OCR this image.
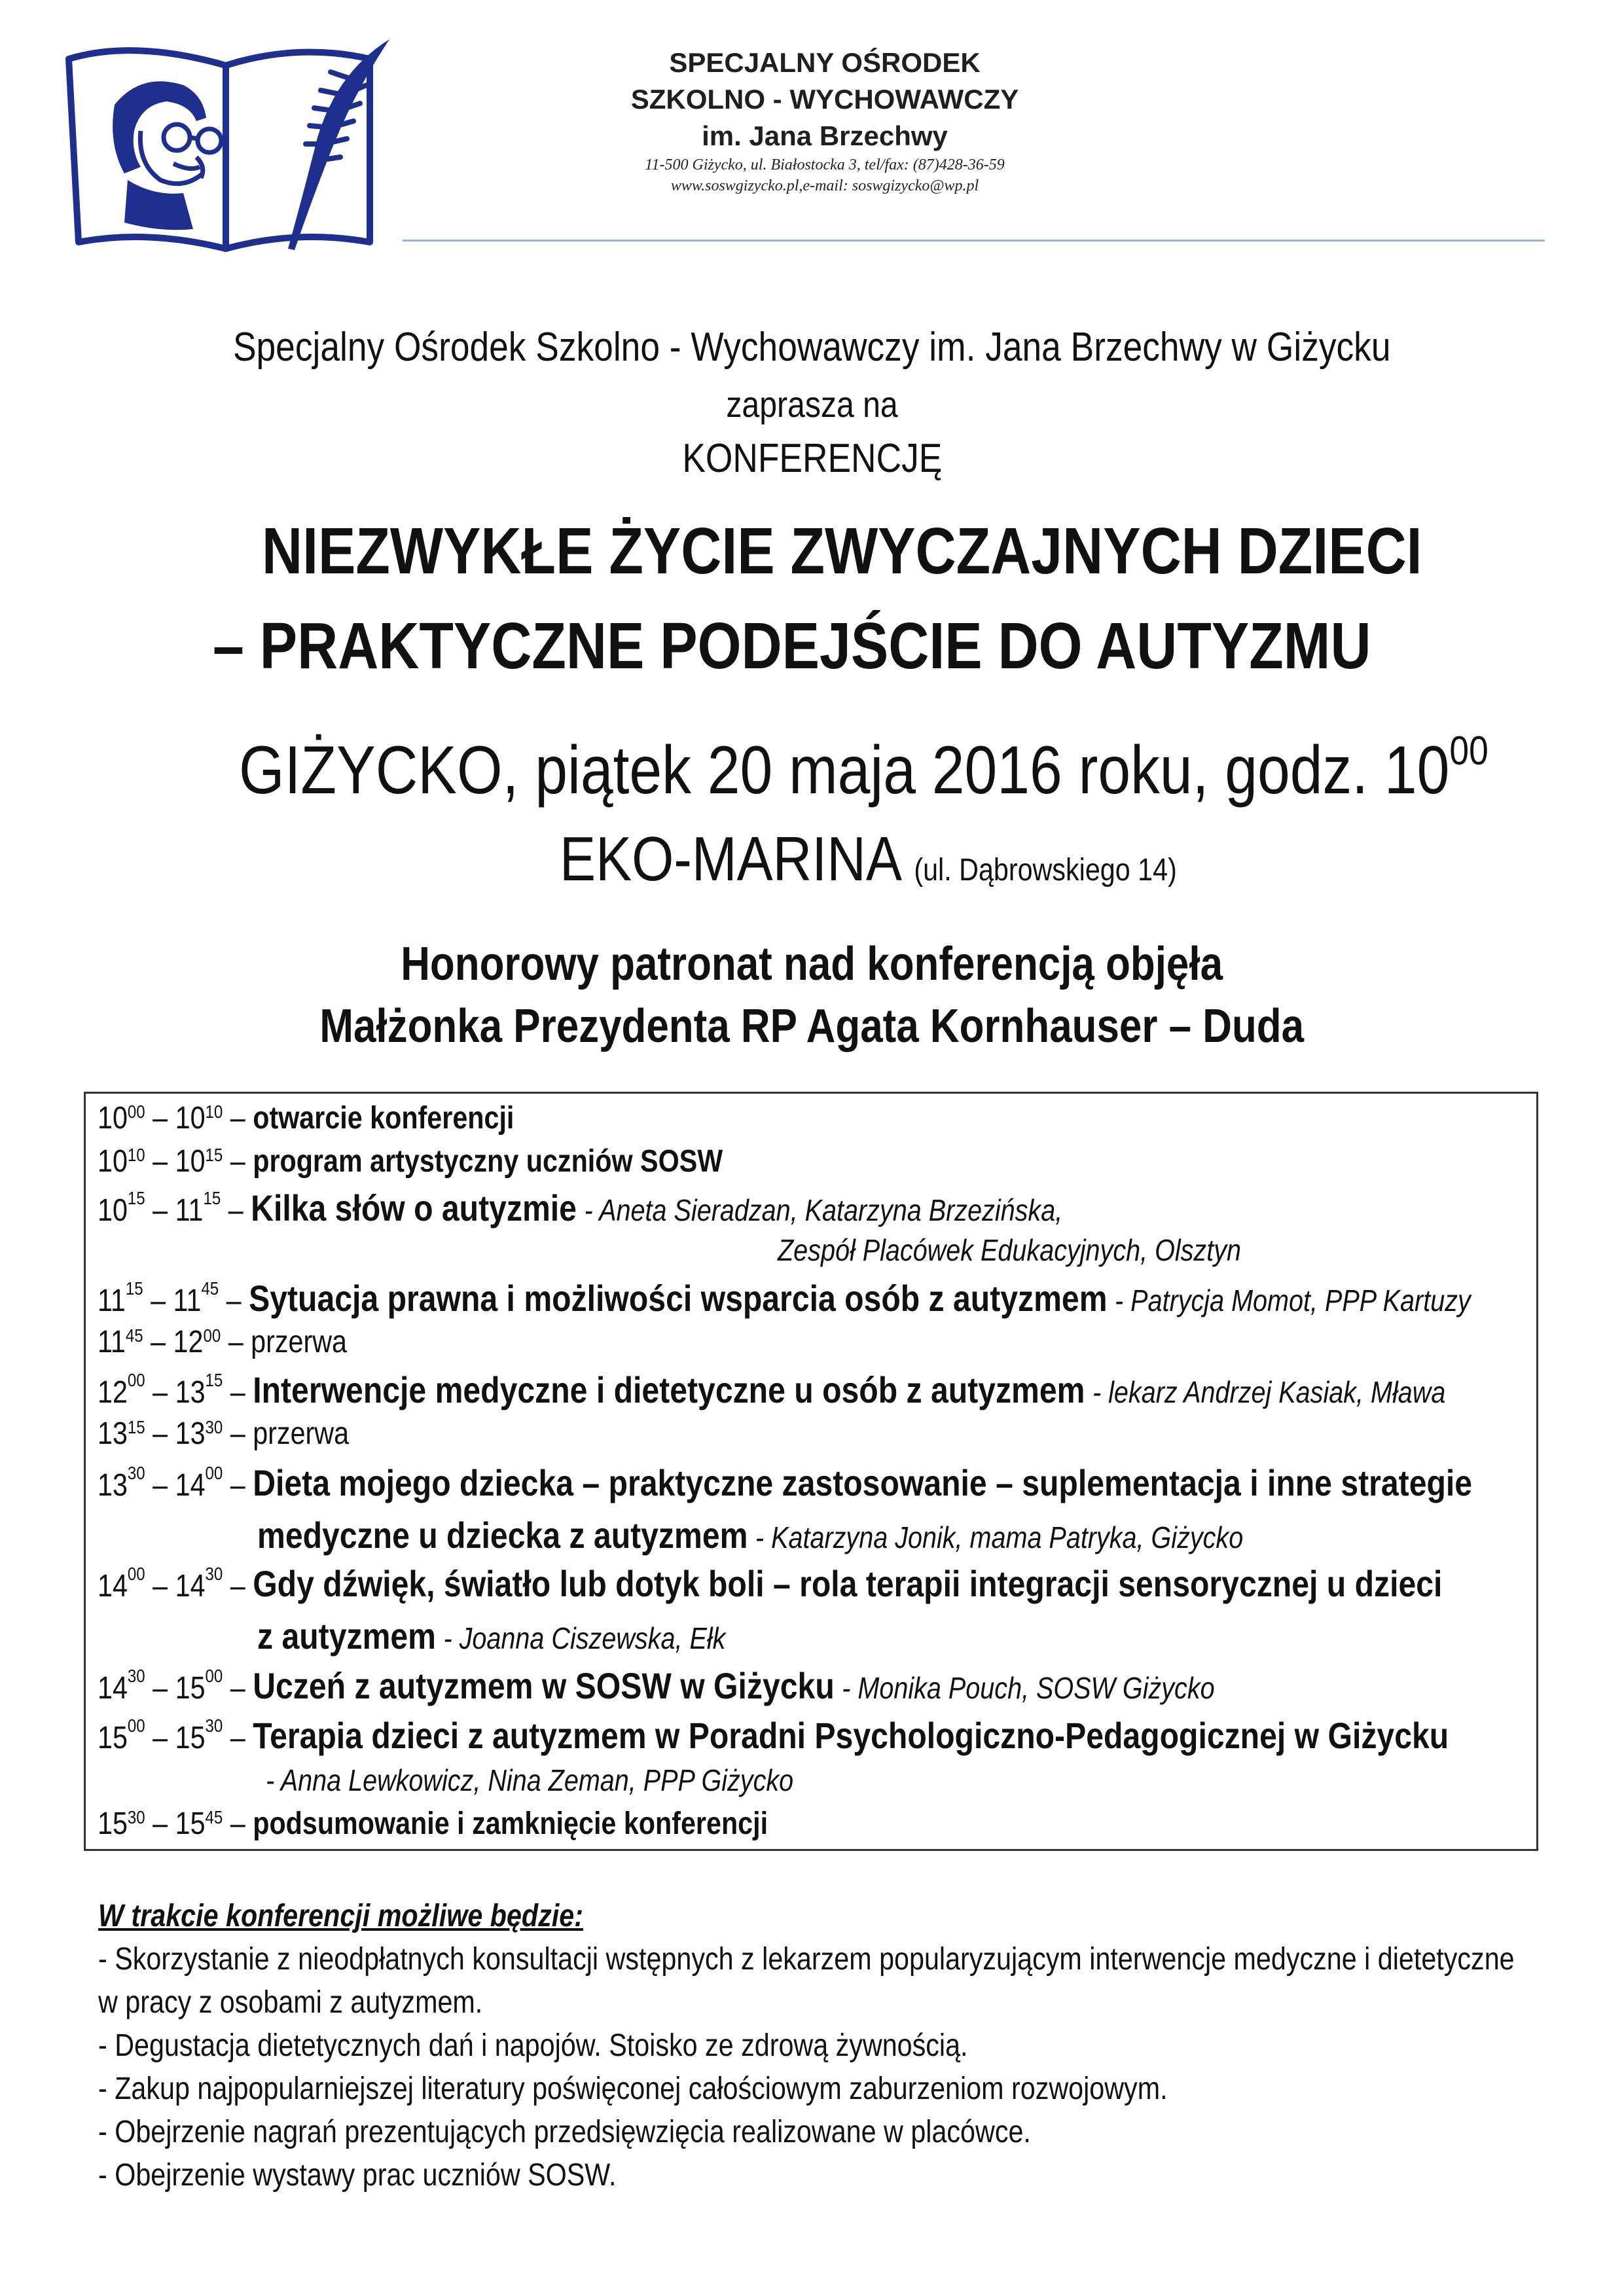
SPECJALNY OŚRODEK
SZKOLNO - WYCHOWAWCZY
im. Jana Brzechwy
11-500 Giżycko, ul. Białostocka 3, tel/fax: (87)428-36-59
www.soswgizycko.pl,e-mail: soswgizycko@wp.pl
Specjalny Ośrodek Szkolno - Wychowawczy im. Jana Brzechwy w Giżycku
zaprasza na
KONFERENCJĘ
NIEZWYKŁE ŻYCIE ZWYCZAJNYCH DZIECI
– PRAKTYCZNE PODEJŚCIE DO AUTYZMU
GIŻYCKO, piątek 20 maja 2016 roku, godz. $10^{00}$
EKO-MARINA (ul. Dąbrowskiego 14)
Honorowy patronat nad konferencją objęła
Małżonka Prezydenta RP Agata Kornhauser – Duda
$10^{00} - 10^{10}$ – otwarcie konferencji
$10^{10} - 10^{15}$ – program artystyczny uczniów SOSW
$10^{15} - 11^{15}$ – Kilka słów o autyzmie - Aneta Sieradzan, Katarzyna Brzezińska,
Zespół Placówek Edukacyjnych, Olsztyn
$11^{15} - 11^{45}$ – Sytuacja prawna i możliwości wsparcia osób z autyzmem - Patrycja Momot, PPP Kartuzy
$11^{45} - 12^{00}$ – przerwa
$12^{00} - 13^{15}$ – Interwencje medyczne i dietetyczne u osób z autyzmem - lekarz Andrzej Kasiak, Mława
$13^{15} - 13^{30}$ – przerwa
$13^{30} - 14^{00}$ – Dieta mojego dziecka – praktyczne zastosowanie – suplementacja i inne strategie
medyczne u dziecka z autyzmem - Katarzyna Jonik, mama Patryka, Giżycko
$14^{00} - 14^{30}$ – Gdy dźwięk, światło lub dotyk boli – rola terapii integracji sensorycznej u dzieci
z autyzmem - Joanna Ciszewska, Ełk
$14^{30} - 15^{00}$ – Uczeń z autyzmem w SOSW w Giżycku - Monika Pouch, SOSW Giżycko
$15^{00} - 15^{30}$ – Terapia dzieci z autyzmem w Poradni Psychologiczno-Pedagogicznej w Giżycku
- Anna Lewkowicz, Nina Zeman, PPP Giżycko
$15^{30} - 15^{45}$ – podsumowanie i zamknięcie konferencji
W trakcie konferencji możliwe będzie:
- Skorzystanie z nieodpłatnych konsultacji wstępnych z lekarzem popularyzującym interwencje medyczne i dietetyczne
w pracy z osobami z autyzmem.
- Degustacja dietetycznych dań i napojów. Stoisko ze zdrową żywnością.
- Zakup najpopularniejszej literatury poświęconej całościowym zaburzeniom rozwojowym.
- Obejrzenie nagrań prezentujących przedsięwzięcia realizowane w placówce.
- Obejrzenie wystawy prac uczniów SOSW.
